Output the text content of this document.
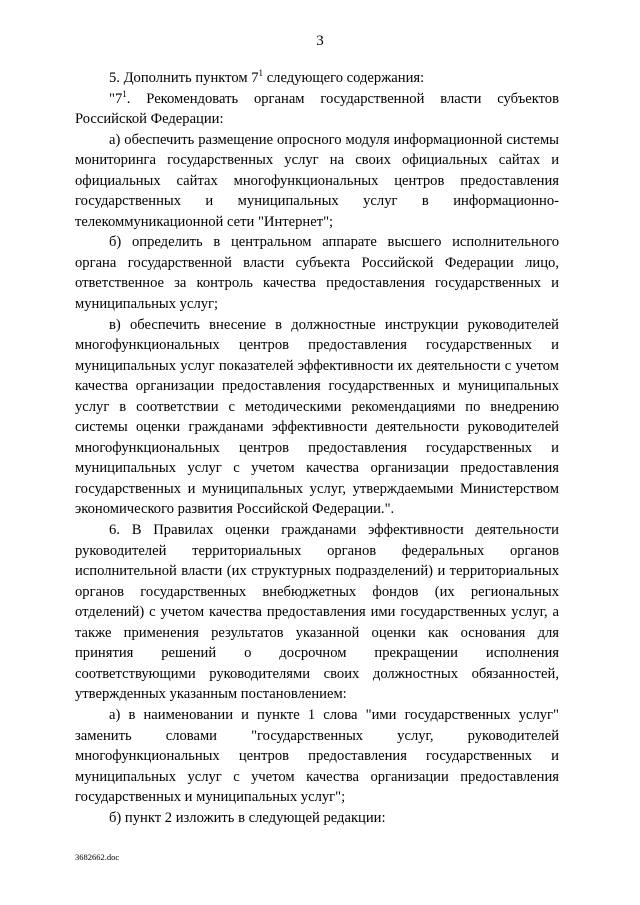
3

5. Дополнить пунктом $7^1$ следующего содержания:

"$7^1$. Рекомендовать органам государственной власти субъектов Российской Федерации:

а) обеспечить размещение опросного модуля информационной системы мониторинга государственных услуг на своих официальных сайтах и официальных сайтах многофункциональных центров предоставления государственных и муниципальных услуг в информационно-телекоммуникационной сети "Интернет";

б) определить в центральном аппарате высшего исполнительного органа государственной власти субъекта Российской Федерации лицо, ответственное за контроль качества предоставления государственных и муниципальных услуг;

в) обеспечить внесение в должностные инструкции руководителей многофункциональных центров предоставления государственных и муниципальных услуг показателей эффективности их деятельности с учетом качества организации предоставления государственных и муниципальных услуг в соответствии с методическими рекомендациями по внедрению системы оценки гражданами эффективности деятельности руководителей многофункциональных центров предоставления государственных и муниципальных услуг с учетом качества организации предоставления государственных и муниципальных услуг, утверждаемыми Министерством экономического развития Российской Федерации.".

6. В Правилах оценки гражданами эффективности деятельности руководителей территориальных органов федеральных органов исполнительной власти (их структурных подразделений) и территориальных органов государственных внебюджетных фондов (их региональных отделений) с учетом качества предоставления ими государственных услуг, а также применения результатов указанной оценки как основания для принятия решений о досрочном прекращении исполнения соответствующими руководителями своих должностных обязанностей, утвержденных указанным постановлением:

а) в наименовании и пункте 1 слова "ими государственных услуг" заменить словами "государственных услуг, руководителей многофункциональных центров предоставления государственных и муниципальных услуг с учетом качества организации предоставления государственных и муниципальных услуг";

б) пункт 2 изложить в следующей редакции:

3682662.doc
